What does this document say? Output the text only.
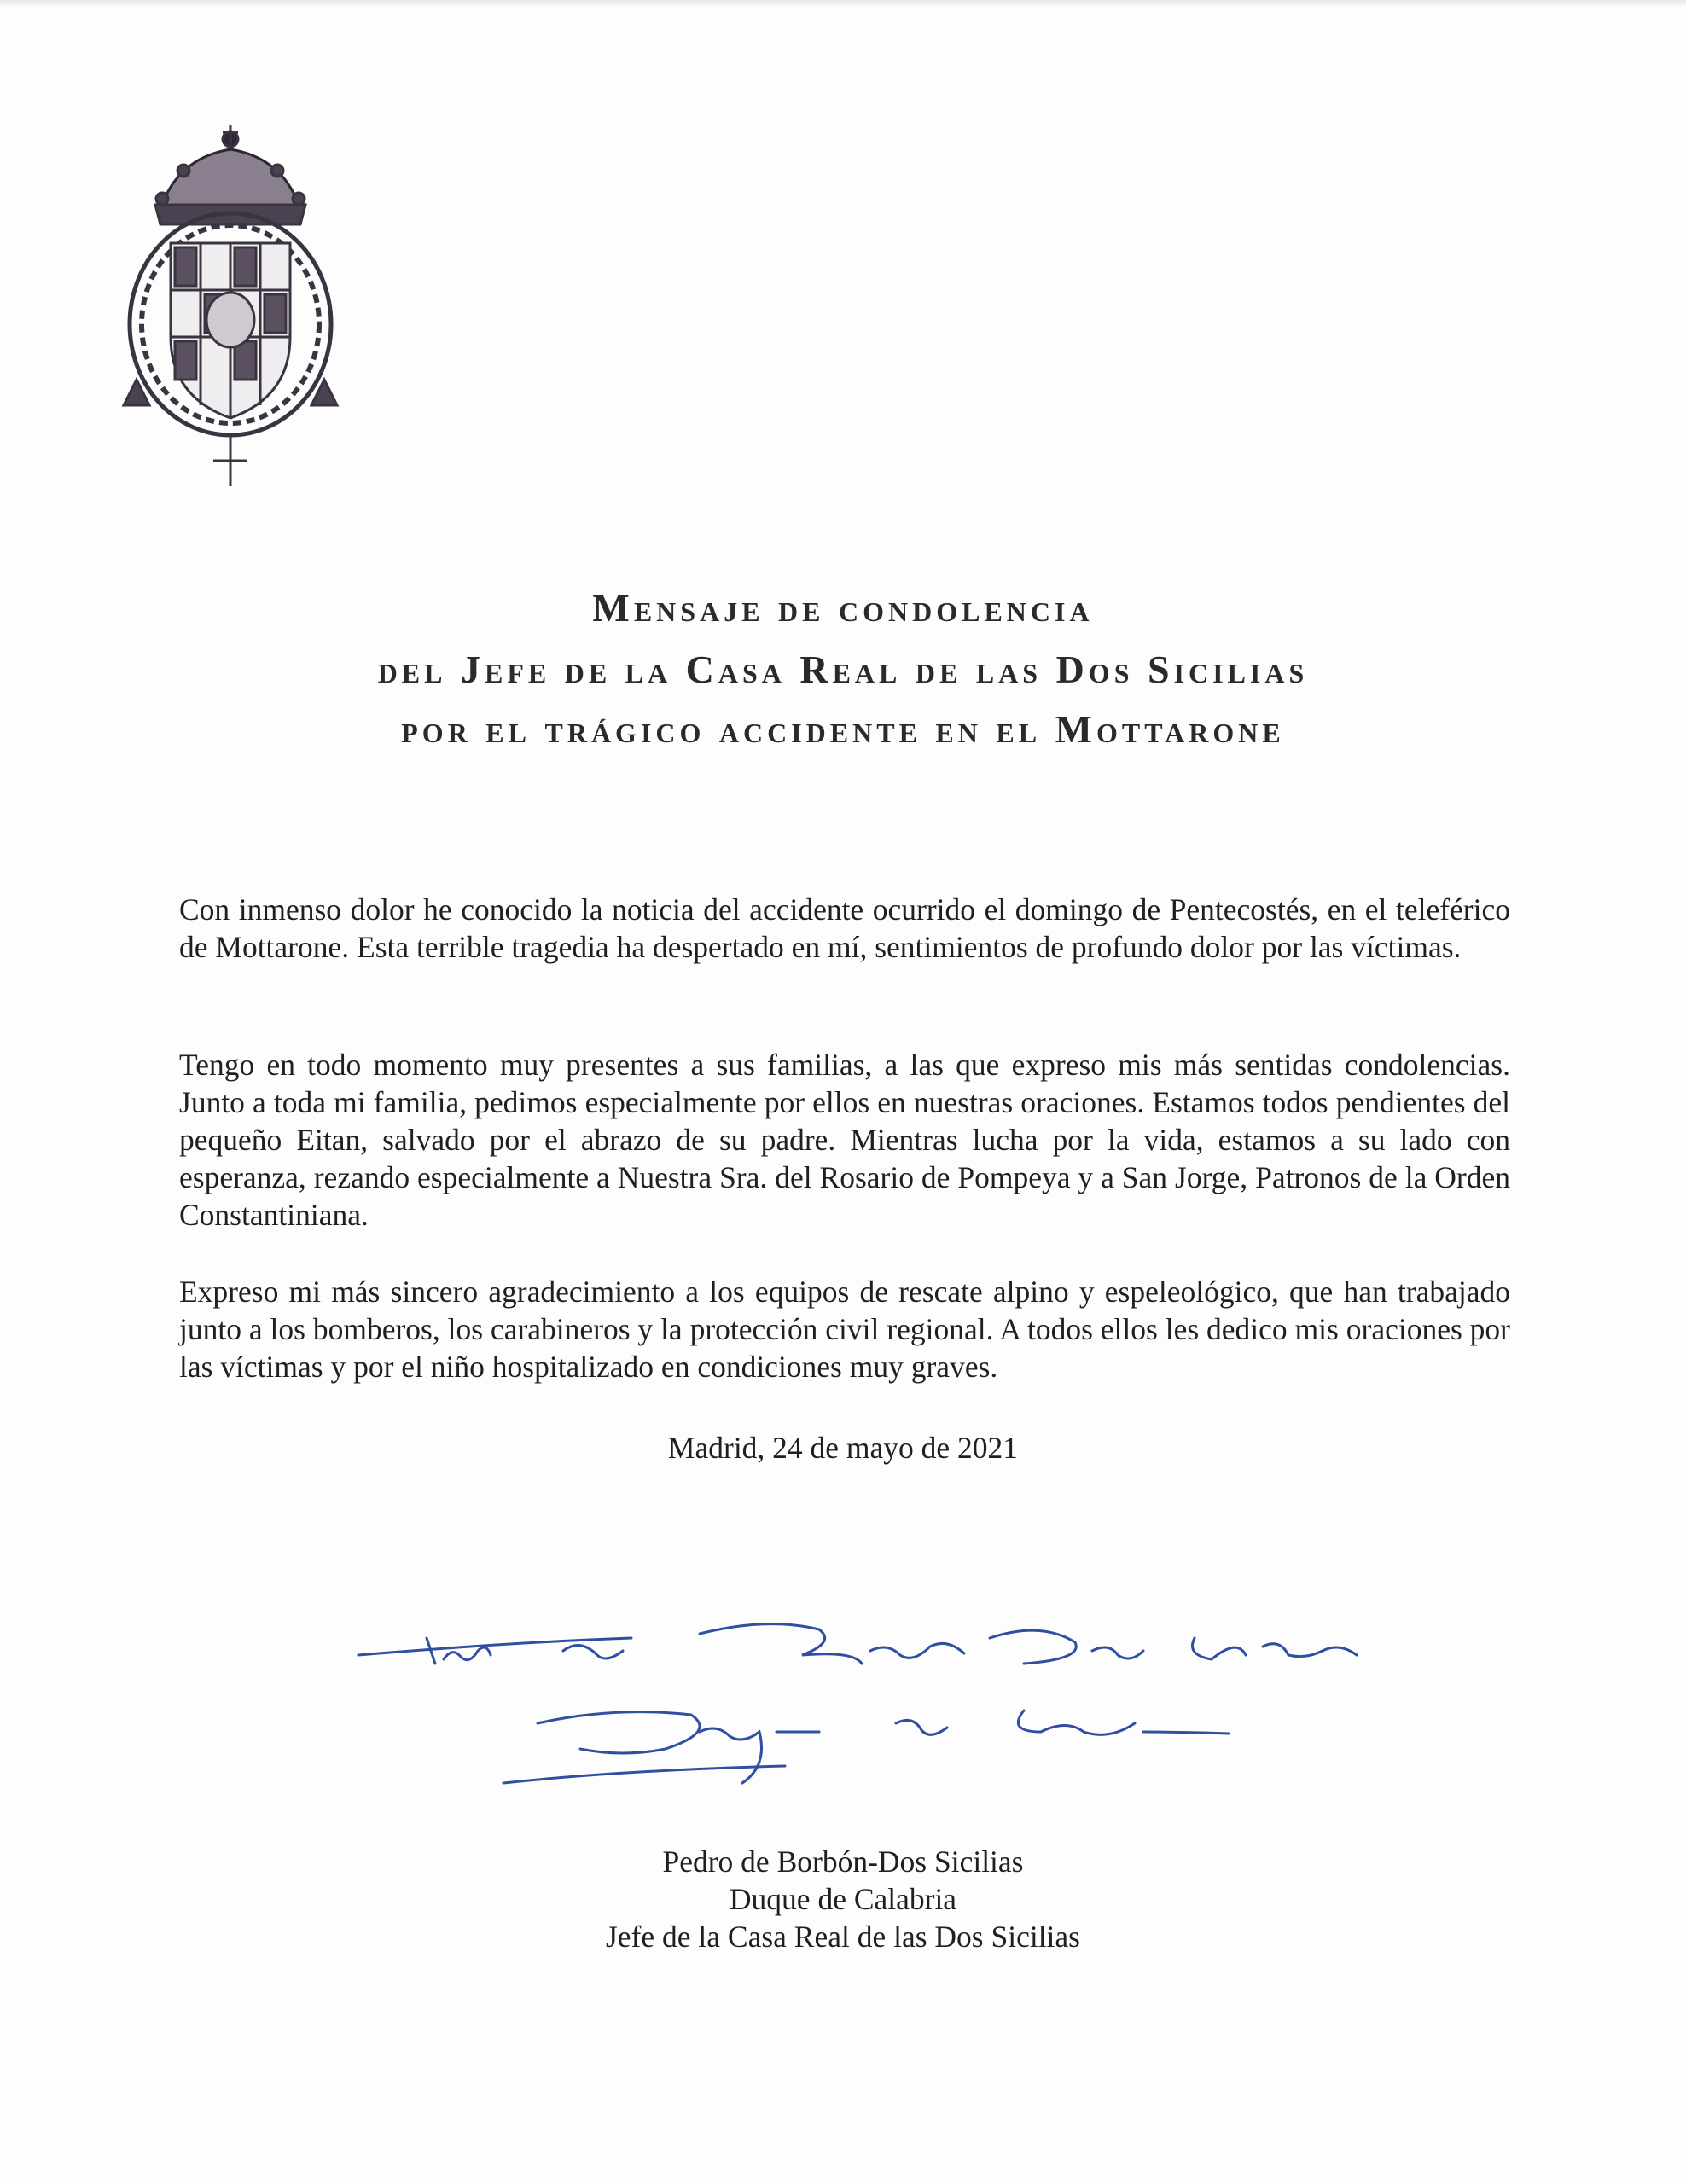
Mensaje de condolencia
del Jefe de la Casa Real de las Dos Sicilias
por el trágico accidente en el Mottarone

Con inmenso dolor he conocido la noticia del accidente ocurrido el domingo de Pentecostés, en el teleférico de Mottarone. Esta terrible tragedia ha despertado en mí, sentimientos de profundo dolor por las víctimas.

Tengo en todo momento muy presentes a sus familias, a las que expreso mis más sentidas condolencias. Junto a toda mi familia, pedimos especialmente por ellos en nuestras oraciones. Estamos todos pendientes del pequeño Eitan, salvado por el abrazo de su padre. Mientras lucha por la vida, estamos a su lado con esperanza, rezando especialmente a Nuestra Sra. del Rosario de Pompeya y a San Jorge, Patronos de la Orden Constantiniana.

Expreso mi más sincero agradecimiento a los equipos de rescate alpino y espeleológico, que han trabajado junto a los bomberos, los carabineros y la protección civil regional. A todos ellos les dedico mis oraciones por las víctimas y por el niño hospitalizado en condiciones muy graves.

Madrid, 24 de mayo de 2021
Pedro de Borbón-Dos Sicilias
Duque de Calabria
Jefe de la Casa Real de las Dos Sicilias
